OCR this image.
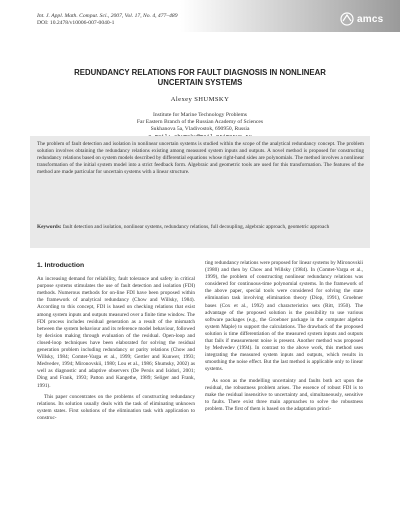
Int. J. Appl. Math. Comput. Sci., 2007, Vol. 17, No. 4, 477–489
DOI: 10.2478/v10006-007-0040-1	amcs
REDUNDANCY RELATIONS FOR FAULT DIAGNOSIS IN NONLINEAR UNCERTAIN SYSTEMS
Alexey SHUMSKY
Institute for Marine Technology Problems
Far Eastern Branch of the Russian Academy of Sciences
Sukhanova 5a, Vladivostok, 690950, Russia
The problem of fault detection and isolation in nonlinear uncertain systems is studied within the scope of the analytical redundancy concept. The problem solution involves obtaining the redundancy relations existing among measured system inputs and outputs. A novel method is proposed for constructing redundancy relations based on system models described by differential equations whose right-hand sides are polynomials. The method involves a nonlinear transformation of the initial system model into a strict feedback form. Algebraic and geometric tools are used for this transformation. The features of the method are made particular for uncertain systems with a linear structure.
Keywords: fault detection and isolation, nonlinear systems, redundancy relations, full decoupling, algebraic approach, geometric approach
1. Introduction

An increasing demand for reliability, fault tolerance and safety in critical purpose systems stimulates the use of fault detection and isolation (FDI) methods. Numerous methods for on-line FDI have been proposed within the framework of analytical redundancy (Chow and Willsky, 1984). According to this concept, FDI is based on checking relations that exist among system inputs and outputs measured over a finite time window. The FDI process includes residual generation as a result of the mismatch between the system behaviour and its reference model behaviour, followed by decision making through evaluation of the residual. Open-loop and closed-loop techniques have been elaborated for solving the residual generation problem including redundancy or parity relations (Chow and Willsky, 1984; Comtet-Varga et al., 1999; Gertler and Kunwer, 1993; Medvedev, 1994; Mironovskii, 1980; Lou et al., 1986; Shumsky, 2002) as well as diagnostic and adaptive observers (De Persis and Isidori, 2001; Ding and Frank, 1993; Patton and Kangethe, 1989; Seliger and Frank, 1991).

This paper concentrates on the problems of constructing redundancy relations. Its solution usually deals with the task of eliminating unknown system states. First solutions of the elimination task with application to construc-

ting redundancy relations were proposed for linear systems by Mironovskii (1980) and then by Chow and Willsky (1984). In (Comtet-Varga et al., 1999), the problem of constructing nonlinear redundancy relations was considered for continuous-time polynomial systems. In the framework of the above paper, special tools were considered for solving the state elimination task involving elimination theory (Diop, 1991), Groebner bases (Cox et al., 1992) and characteristics sets (Ritt, 1950). The advantage of the proposed solution is the possibility to use various software packages (e.g., the Groebner package in the computer algebra system Maple) to support the calculations. The drawback of the proposed solution is time differentiation of the measured system inputs and outputs that fails if measurement noise is present. Another method was proposed by Medvedev (1994). In contrast to the above work, this method uses integrating the measured system inputs and outputs, which results in smoothing the noise effect. But the last method is applicable only to linear systems.

As soon as the modelling uncertainty and faults both act upon the residual, the robustness problem arises. The essence of robust FDI is to make the residual insensitive to uncertainty and, simultaneously, sensitive to faults. There exist three main approaches to solve the robustness problem. The first of them is based on the adaptation princi-
